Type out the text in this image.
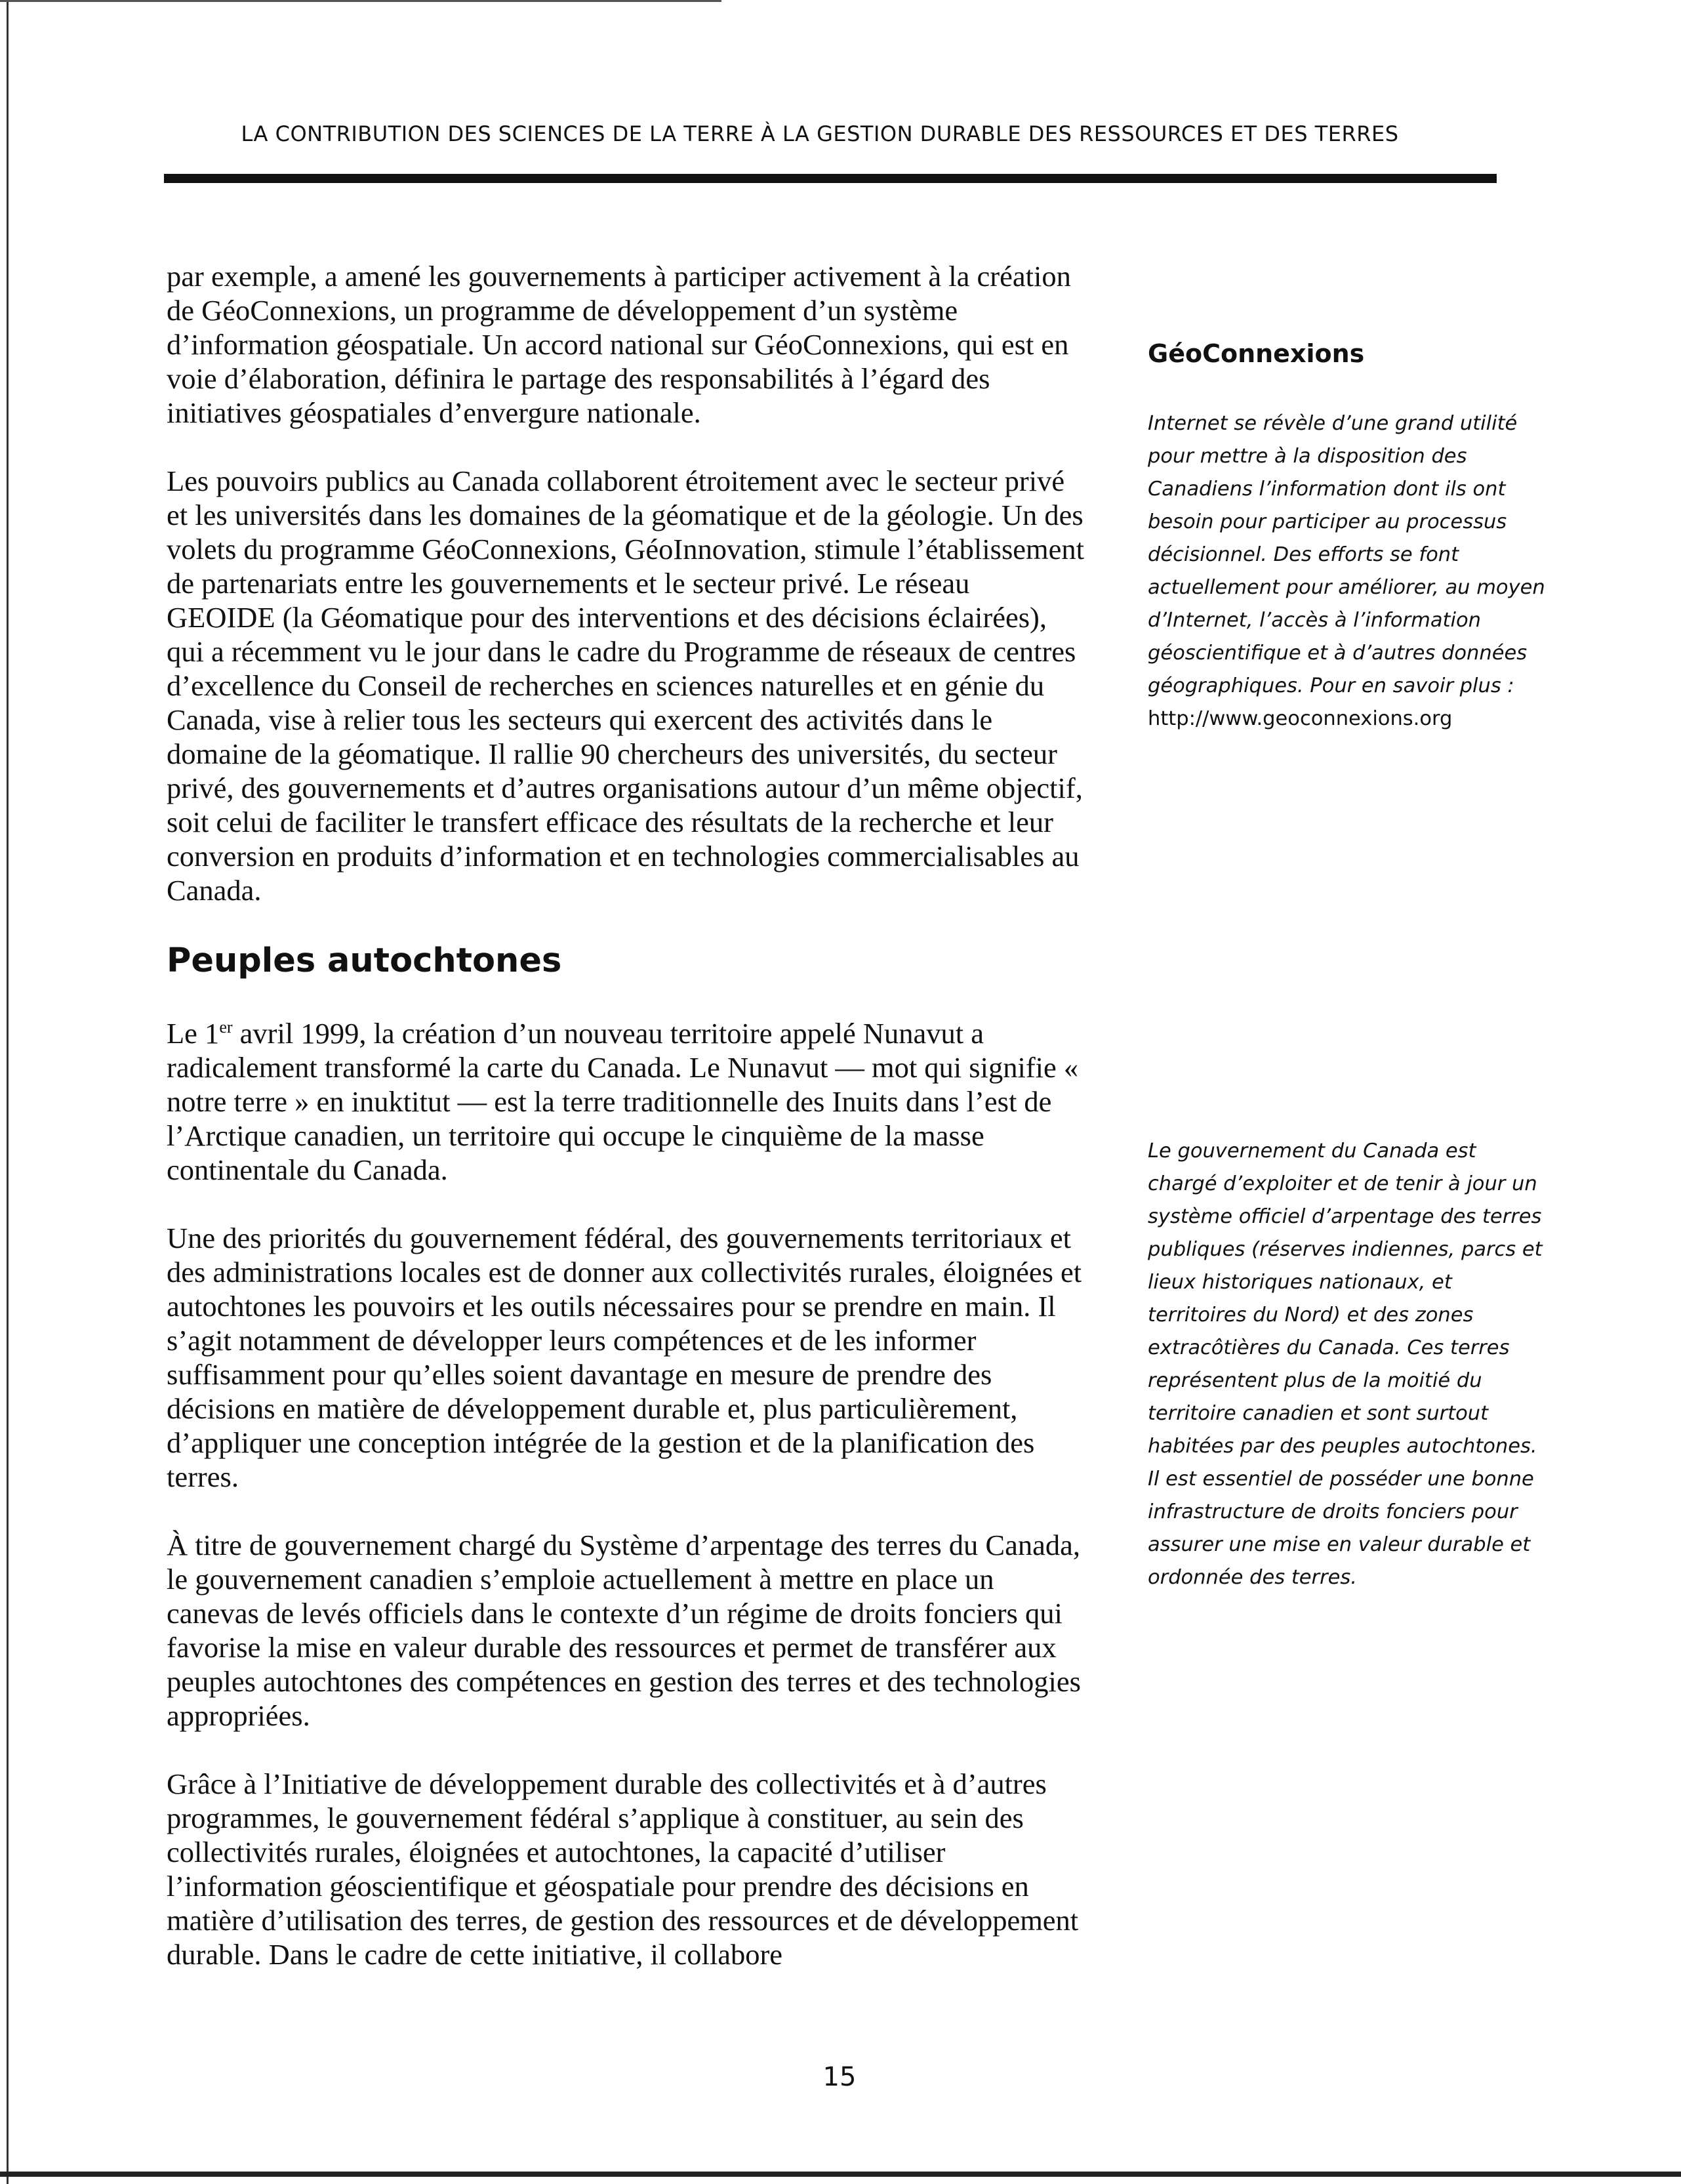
LA CONTRIBUTION DES SCIENCES DE LA TERRE À LA GESTION DURABLE DES RESSOURCES ET DES TERRES

par exemple, a amené les gouvernements à participer activement à la création de GéoConnexions, un programme de développement d’un système d’information géospatiale. Un accord national sur GéoConnexions, qui est en voie d’élaboration, définira le partage des responsabilités à l’égard des initiatives géospatiales d’envergure nationale.

Les pouvoirs publics au Canada collaborent étroitement avec le secteur privé et les universités dans les domaines de la géomatique et de la géologie. Un des volets du programme GéoConnexions, GéoInnovation, stimule l’établissement de partenariats entre les gouvernements et le secteur privé. Le réseau GEOIDE (la Géomatique pour des interventions et des décisions éclairées), qui a récemment vu le jour dans le cadre du Programme de réseaux de centres d’excellence du Conseil de recherches en sciences naturelles et en génie du Canada, vise à relier tous les secteurs qui exercent des activités dans le domaine de la géomatique. Il rallie 90 chercheurs des universités, du secteur privé, des gouvernements et d’autres organisations autour d’un même objectif, soit celui de faciliter le transfert efficace des résultats de la recherche et leur conversion en produits d’information et en technologies commercialisables au Canada.

Peuples autochtones

Le 1er avril 1999, la création d’un nouveau territoire appelé Nunavut a radicalement transformé la carte du Canada. Le Nunavut — mot qui signifie « notre terre » en inuktitut — est la terre traditionnelle des Inuits dans l’est de l’Arctique canadien, un territoire qui occupe le cinquième de la masse continentale du Canada.

Une des priorités du gouvernement fédéral, des gouvernements territoriaux et des administrations locales est de donner aux collectivités rurales, éloignées et autochtones les pouvoirs et les outils nécessaires pour se prendre en main. Il s’agit notamment de développer leurs compétences et de les informer suffisamment pour qu’elles soient davantage en mesure de prendre des décisions en matière de développement durable et, plus particulièrement, d’appliquer une conception intégrée de la gestion et de la planification des terres.

À titre de gouvernement chargé du Système d’arpentage des terres du Canada, le gouvernement canadien s’emploie actuellement à mettre en place un canevas de levés officiels dans le contexte d’un régime de droits fonciers qui favorise la mise en valeur durable des ressources et permet de transférer aux peuples autochtones des compétences en gestion des terres et des technologies appropriées.

Grâce à l’Initiative de développement durable des collectivités et à d’autres programmes, le gouvernement fédéral s’applique à constituer, au sein des collectivités rurales, éloignées et autochtones, la capacité d’utiliser l’information géoscientifique et géospatiale pour prendre des décisions en matière d’utilisation des terres, de gestion des ressources et de développement durable. Dans le cadre de cette initiative, il collabore

GéoConnexions

Internet se révèle d’une grand utilité pour mettre à la disposition des Canadiens l’information dont ils ont besoin pour participer au processus décisionnel. Des efforts se font actuellement pour améliorer, au moyen d’Internet, l’accès à l’information géoscientifique et à d’autres données géographiques. Pour en savoir plus :
http://www.geoconnexions.org

Le gouvernement du Canada est chargé d’exploiter et de tenir à jour un système officiel d’arpentage des terres publiques (réserves indiennes, parcs et lieux historiques nationaux, et territoires du Nord) et des zones extracôtières du Canada. Ces terres représentent plus de la moitié du territoire canadien et sont surtout habitées par des peuples autochtones. Il est essentiel de posséder une bonne infrastructure de droits fonciers pour assurer une mise en valeur durable et ordonnée des terres.

15
